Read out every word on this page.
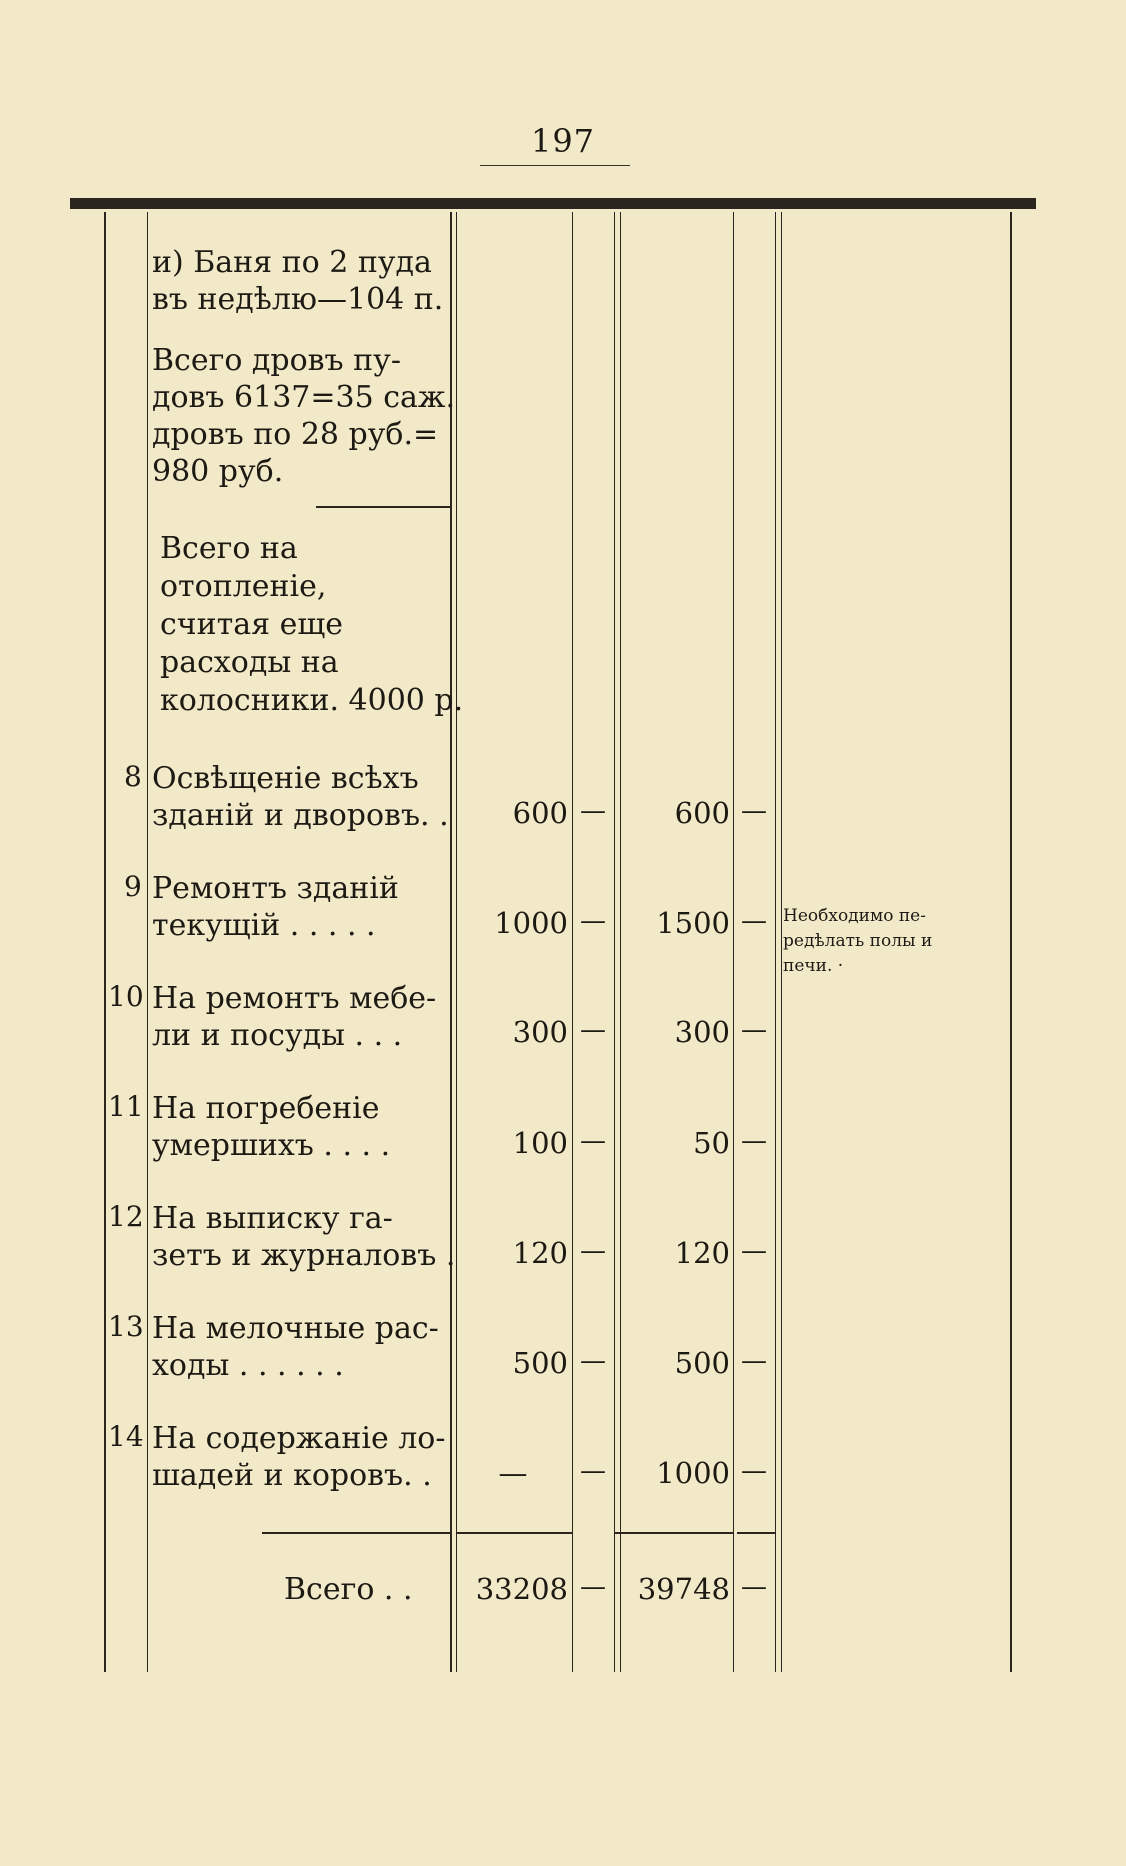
197
и) Баня по 2 пуда
въ недѣлю—104 п.
Всего дровъ пу-
довъ 6137=35 саж.
дровъ по 28 руб.=
980 руб.
Всего на
отопленіе,
считая еще
расходы на
колосники. 4000 р.
8 Освѣщеніе всѣхъ
зданій и дворовъ. .	600 —	600 —
9 Ремонтъ зданій
текущій . . . . .	1000 —	1500 — Необходимо пе-
редѣлать полы и
печи. ·
10 На ремонтъ мебе-
ли и посуды . . .	300 —	300 —
11 На погребеніе
умершихъ . . . .	100 —	50 —
12 На выписку га-
зетъ и журналовъ .	120 —	120 —
13 На мелочные рас-
ходы . . . . . .	500 —	500 —
14 На содержаніе ло-
шадей и коровъ. .	—	—	1000 —
Всего . .	33208 —	39748 —
